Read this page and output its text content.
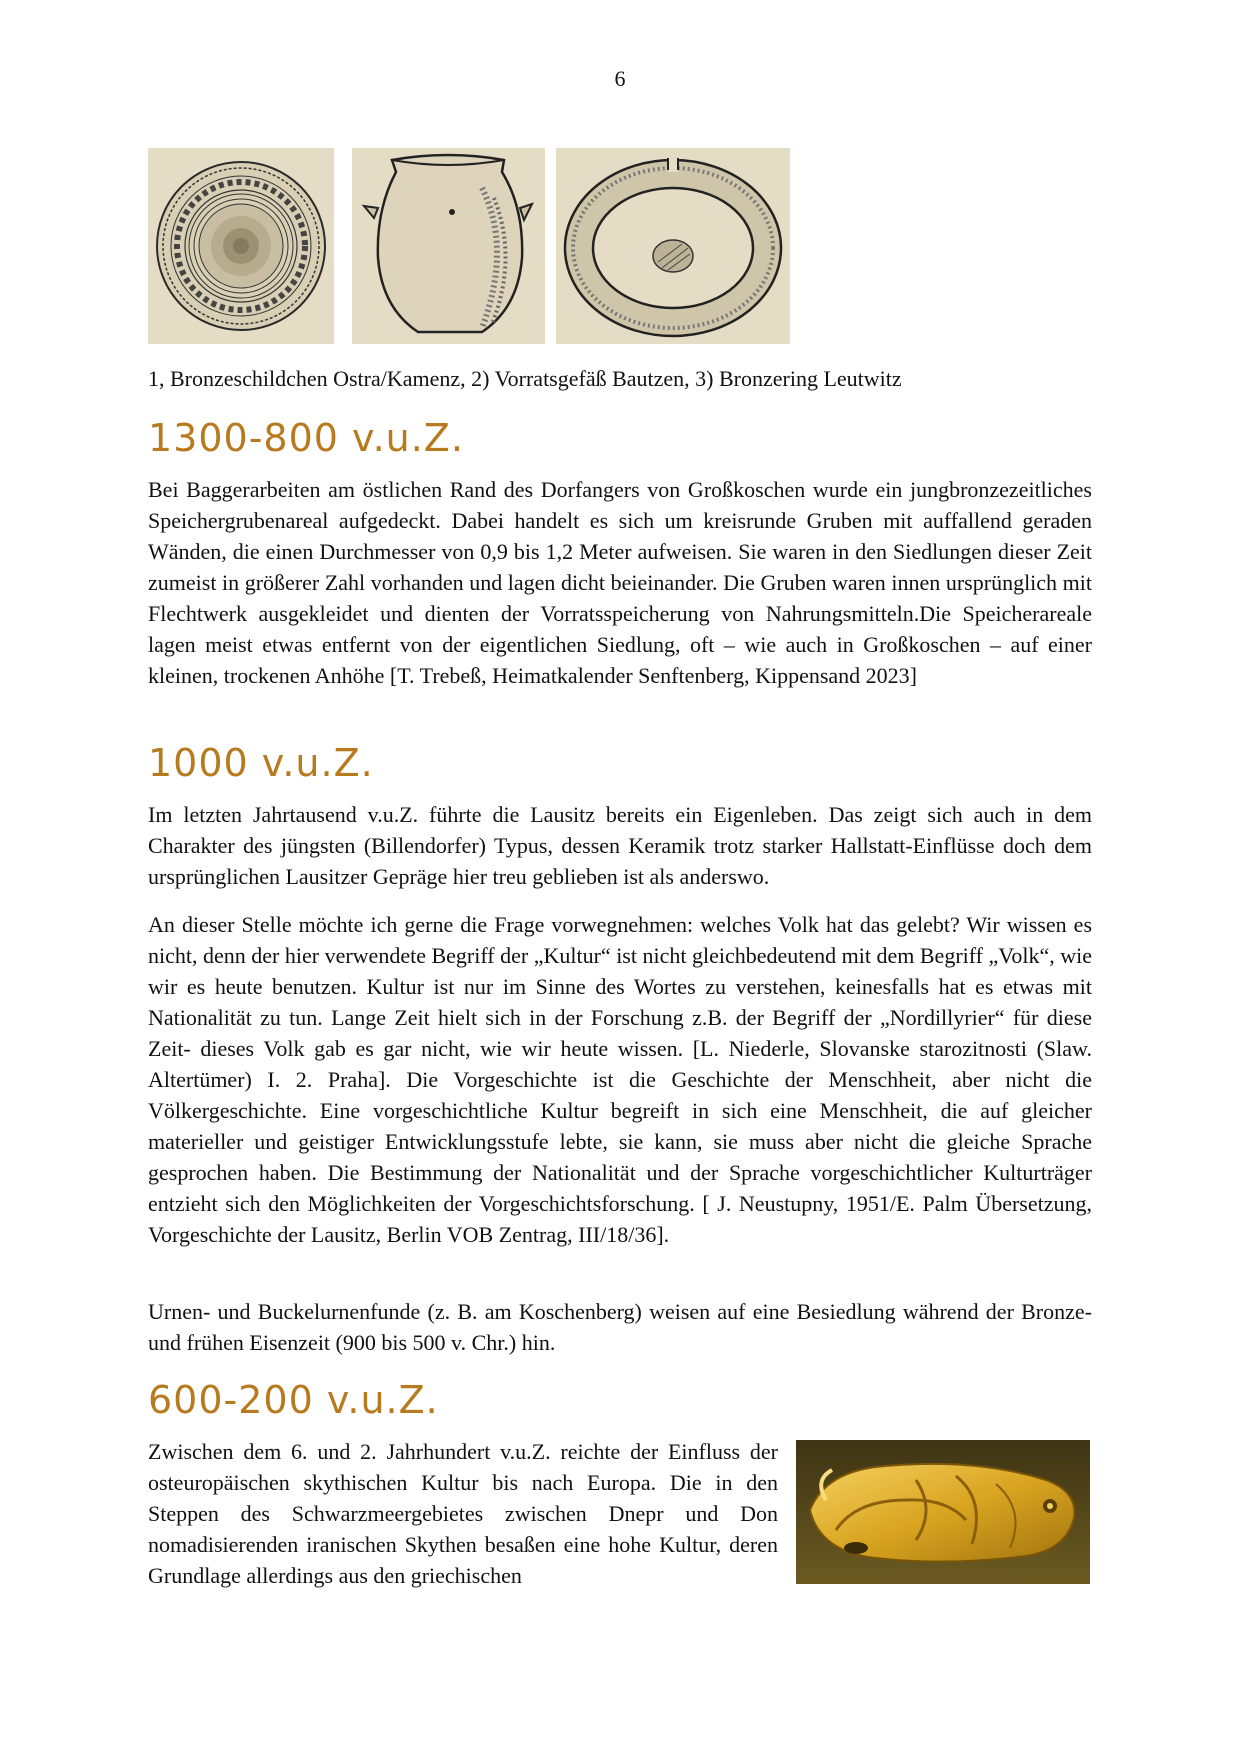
6
1, Bronzeschildchen Ostra/Kamenz, 2) Vorratsgefäß Bautzen, 3) Bronzering Leutwitz
1300-800 v.u.Z.

Bei Baggerarbeiten am östlichen Rand des Dorfangers von Großkoschen wurde ein jungbronzezeitliches Speichergrubenareal aufgedeckt. Dabei handelt es sich um kreisrunde Gruben mit auffallend geraden Wänden, die einen Durchmesser von 0,9 bis 1,2 Meter aufweisen. Sie waren in den Siedlungen dieser Zeit zumeist in größerer Zahl vorhanden und lagen dicht beieinander. Die Gruben waren innen ursprünglich mit Flechtwerk ausgekleidet und dienten der Vorratsspeicherung von Nahrungsmitteln.Die Speicherareale lagen meist etwas entfernt von der eigentlichen Siedlung, oft – wie auch in Großkoschen – auf einer kleinen, trockenen Anhöhe [T. Trebeß, Heimatkalender Senftenberg, Kippensand 2023]

1000 v.u.Z.

Im letzten Jahrtausend v.u.Z. führte die Lausitz bereits ein Eigenleben. Das zeigt sich auch in dem Charakter des jüngsten (Billendorfer) Typus, dessen Keramik trotz starker Hallstatt-Einflüsse doch dem ursprünglichen Lausitzer Gepräge hier treu geblieben ist als anderswo.

An dieser Stelle möchte ich gerne die Frage vorwegnehmen: welches Volk hat das gelebt? Wir wissen es nicht, denn der hier verwendete Begriff der „Kultur“ ist nicht gleichbedeutend mit dem Begriff „Volk“, wie wir es heute benutzen. Kultur ist nur im Sinne des Wortes zu verstehen, keinesfalls hat es etwas mit Nationalität zu tun. Lange Zeit hielt sich in der Forschung z.B. der Begriff der „Nordillyrier“ für diese Zeit- dieses Volk gab es gar nicht, wie wir heute wissen. [L. Niederle, Slovanske starozitnosti (Slaw. Altertümer) I. 2. Praha]. Die Vorgeschichte ist die Geschichte der Menschheit, aber nicht die Völkergeschichte. Eine vorgeschichtliche Kultur begreift in sich eine Menschheit, die auf gleicher materieller und geistiger Entwicklungsstufe lebte, sie kann, sie muss aber nicht die gleiche Sprache gesprochen haben. Die Bestimmung der Nationalität und der Sprache vorgeschichtlicher Kulturträger entzieht sich den Möglichkeiten der Vorgeschichtsforschung. [ J. Neustupny, 1951/E. Palm Übersetzung, Vorgeschichte der Lausitz, Berlin VOB Zentrag, III/18/36].

Urnen- und Buckelurnenfunde (z. B. am Koschenberg) weisen auf eine Besiedlung während der Bronze- und frühen Eisenzeit (900 bis 500 v. Chr.) hin.

600-200 v.u.Z.

Zwischen dem 6. und 2. Jahrhundert v.u.Z. reichte der Einfluss der osteuropäischen skythischen Kultur bis nach Europa. Die in den Steppen des Schwarzmeergebietes zwischen Dnepr und Don nomadisierenden iranischen Skythen besaßen eine hohe Kultur, deren Grundlage allerdings aus den griechischen
